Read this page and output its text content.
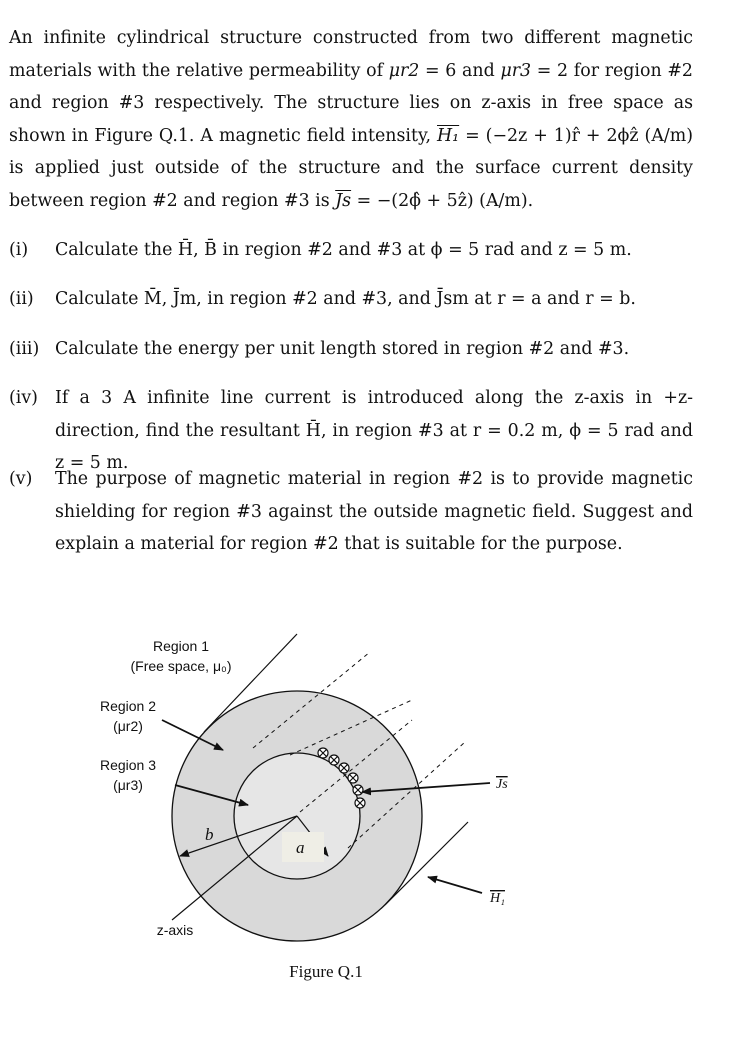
An infinite cylindrical structure constructed from two different magnetic materials with the relative permeability of μr2 = 6 and μr3 = 2 for region #2 and region #3 respectively. The structure lies on z-axis in free space as shown in Figure Q.1. A magnetic field intensity, H₁ = (−2z + 1)r̂ + 2ϕẑ (A/m) is applied just outside of the structure and the surface current density between region #2 and region #3 is $\overline{Js}$ = −(2ϕ̂ + 5ẑ) (A/m).
(i) Calculate the H̄, B̄ in region #2 and #3 at ϕ = 5 rad and z = 5 m.
(ii) Calculate M̄, J̄m, in region #2 and #3, and J̄sm at r = a and r = b.
(iii) Calculate the energy per unit length stored in region #2 and #3.
(iv) If a 3 A infinite line current is introduced along the z-axis in +z-direction, find the resultant H̄, in region #3 at r = 0.2 m, ϕ = 5 rad and z = 5 m.
(v) The purpose of magnetic material in region #2 is to provide magnetic shielding for region #3 against the outside magnetic field. Suggest and explain a material for region #2 that is suitable for the purpose.
Region 1
(Free space, μ₀)
Region 2
(μr2)
Region 3
(μr3)
b
a
Js
H₁
z-axis
Figure Q.1
